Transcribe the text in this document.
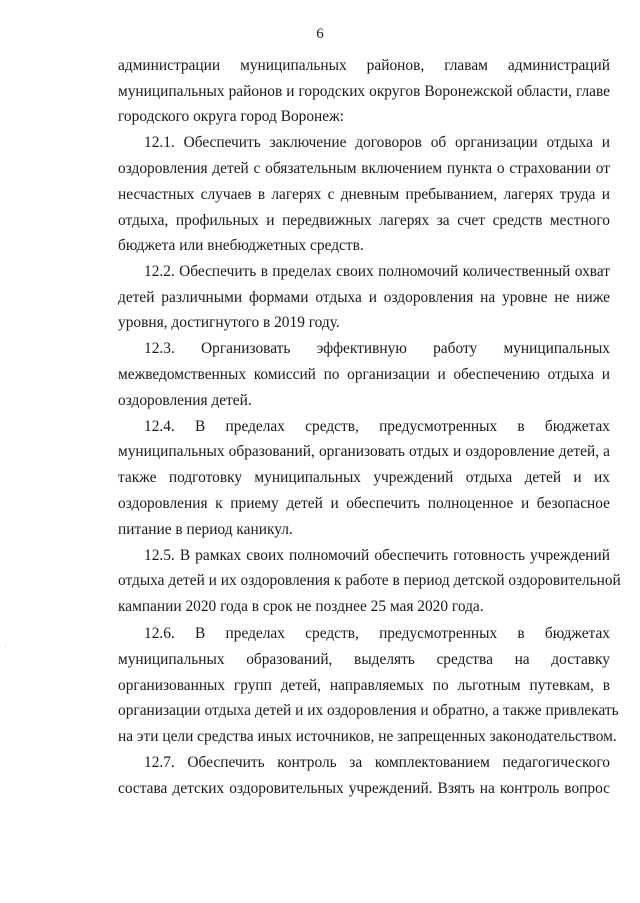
6
администрации муниципальных районов, главам администраций
муниципальных районов и городских округов Воронежской области, главе
городского округа город Воронеж:
12.1. Обеспечить заключение договоров об организации отдыха и
оздоровления детей с обязательным включением пункта о страховании от
несчастных случаев в лагерях с дневным пребыванием, лагерях труда и
отдыха, профильных и передвижных лагерях за счет средств местного
бюджета или внебюджетных средств.
12.2. Обеспечить в пределах своих полномочий количественный охват
детей различными формами отдыха и оздоровления на уровне не ниже
уровня, достигнутого в 2019 году.
12.3. Организовать эффективную работу муниципальных
межведомственных комиссий по организации и обеспечению отдыха и
оздоровления детей.
12.4. В пределах средств, предусмотренных в бюджетах
муниципальных образований, организовать отдых и оздоровление детей, а
также подготовку муниципальных учреждений отдыха детей и их
оздоровления к приему детей и обеспечить полноценное и безопасное
питание в период каникул.
12.5. В рамках своих полномочий обеспечить готовность учреждений
отдыха детей и их оздоровления к работе в период детской оздоровительной
кампании 2020 года в срок не позднее 25 мая 2020 года.
12.6. В пределах средств, предусмотренных в бюджетах
муниципальных образований, выделять средства на доставку
организованных групп детей, направляемых по льготным путевкам, в
организации отдыха детей и их оздоровления и обратно, а также привлекать
на эти цели средства иных источников, не запрещенных законодательством.
12.7. Обеспечить контроль за комплектованием педагогического
состава детских оздоровительных учреждений. Взять на контроль вопрос
·
